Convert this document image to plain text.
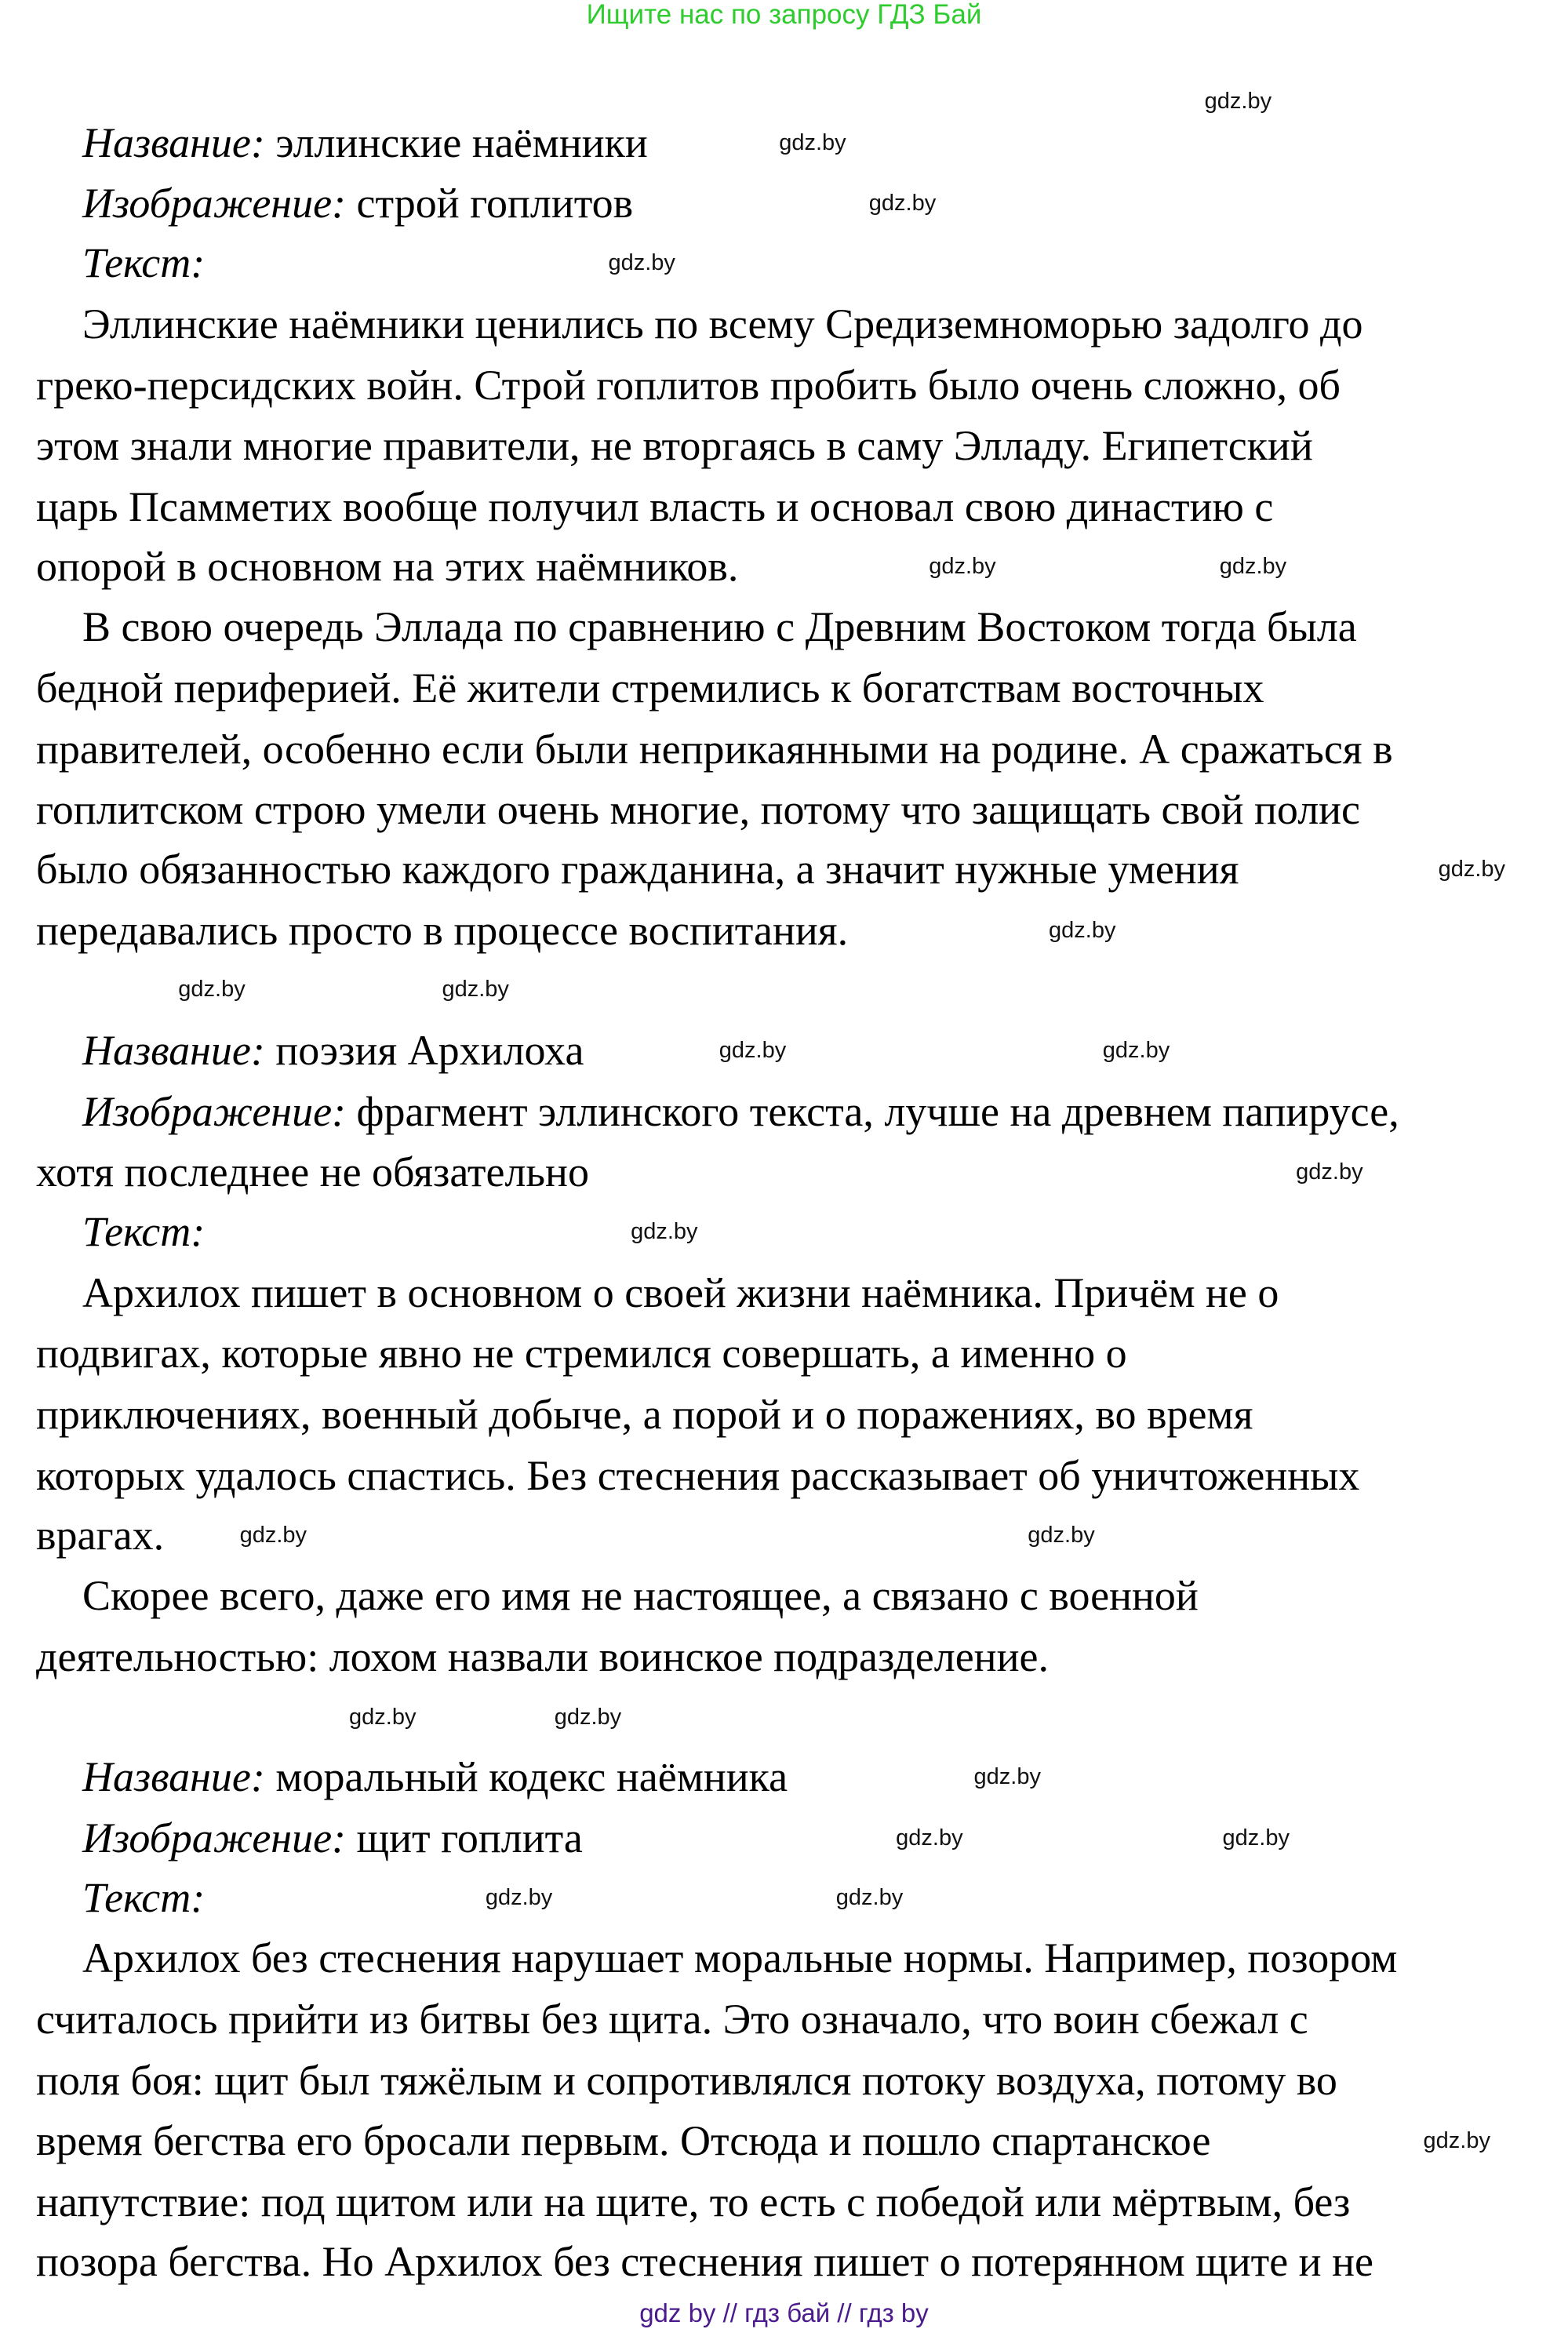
Ищите нас по запросу ГДЗ Бай
Название: эллинские наёмники
Изображение: строй гоплитов
Текст:
Эллинские наёмники ценились по всему Средиземноморью задолго до
греко-персидских войн. Строй гоплитов пробить было очень сложно, об
этом знали многие правители, не вторгаясь в саму Элладу. Египетский
царь Псамметих вообще получил власть и основал свою династию с
опорой в основном на этих наёмников.
В свою очередь Эллада по сравнению с Древним Востоком тогда была
бедной периферией. Её жители стремились к богатствам восточных
правителей, особенно если были неприкаянными на родине. А сражаться в
гоплитском строю умели очень многие, потому что защищать свой полис
было обязанностью каждого гражданина, а значит нужные умения
передавались просто в процессе воспитания.
Название: поэзия Архилоха
Изображение: фрагмент эллинского текста, лучше на древнем папирусе,
хотя последнее не обязательно
Текст:
Архилох пишет в основном о своей жизни наёмника. Причём не о
подвигах, которые явно не стремился совершать, а именно о
приключениях, военный добыче, а порой и о поражениях, во время
которых удалось спастись. Без стеснения рассказывает об уничтоженных
врагах.
Скорее всего, даже его имя не настоящее, а связано с военной
деятельностью: лохом назвали воинское подразделение.
Название: моральный кодекс наёмника
Изображение: щит гоплита
Текст:
Архилох без стеснения нарушает моральные нормы. Например, позором
считалось прийти из битвы без щита. Это означало, что воин сбежал с
поля боя: щит был тяжёлым и сопротивлялся потоку воздуха, потому во
время бегства его бросали первым. Отсюда и пошло спартанское
напутствие: под щитом или на щите, то есть с победой или мёртвым, без
позора бегства. Но Архилох без стеснения пишет о потерянном щите и не
gdz.by
gdz.by
gdz.by
gdz.by
gdz.by
gdz.by
gdz.by
gdz.by
gdz.by
gdz.by
gdz.by	gdz.by
gdz.by
gdz.by
gdz.by	gdz.by
gdz.by
gdz.by
gdz.by
gdz.by
gdz.by
gdz.by
gdz.by
gdz.by
gdz by // гдз бай // гдз by
